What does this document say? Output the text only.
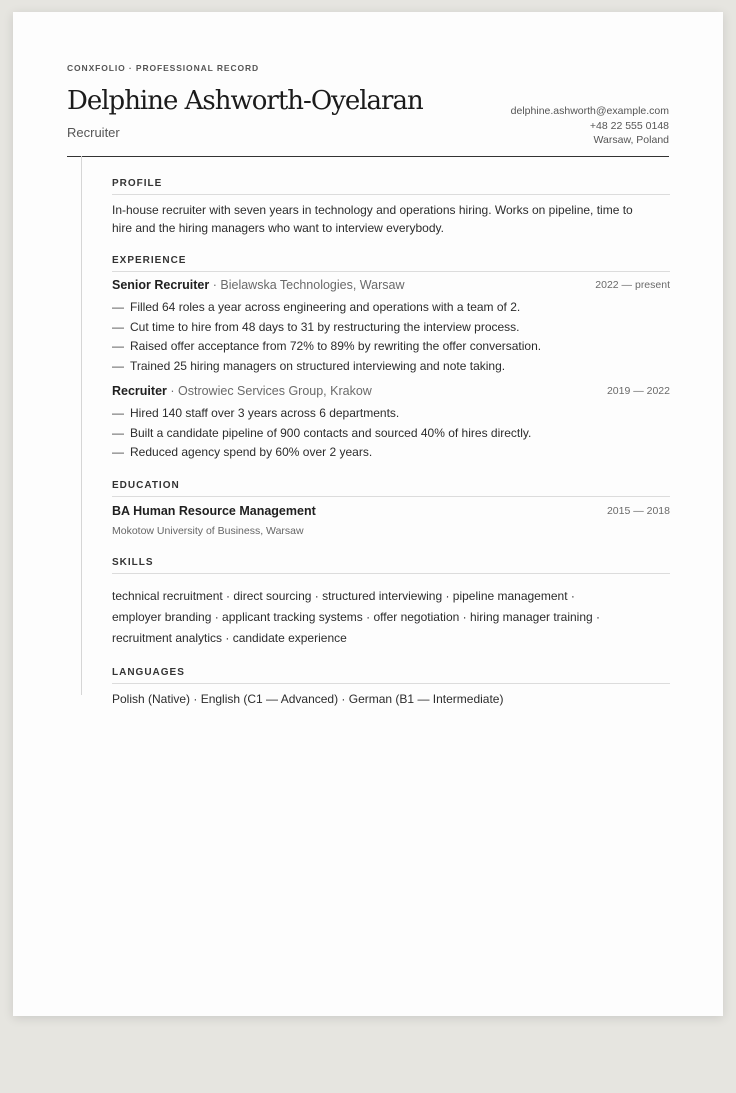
CONXFOLIO · PROFESSIONAL RECORD
Delphine Ashworth-Oyelaran
Recruiter
delphine.ashworth@example.com
+48 22 555 0148
Warsaw, Poland
PROFILE
In-house recruiter with seven years in technology and operations hiring. Works on pipeline, time to hire and the hiring managers who want to interview everybody.
EXPERIENCE
Senior Recruiter · Bielawska Technologies, Warsaw	2022 — present
— Filled 64 roles a year across engineering and operations with a team of 2.
— Cut time to hire from 48 days to 31 by restructuring the interview process.
— Raised offer acceptance from 72% to 89% by rewriting the offer conversation.
— Trained 25 hiring managers on structured interviewing and note taking.
Recruiter · Ostrowiec Services Group, Krakow	2019 — 2022
— Hired 140 staff over 3 years across 6 departments.
— Built a candidate pipeline of 900 contacts and sourced 40% of hires directly.
— Reduced agency spend by 60% over 2 years.
EDUCATION
BA Human Resource Management	2015 — 2018
Mokotow University of Business, Warsaw
SKILLS
technical recruitment · direct sourcing · structured interviewing · pipeline management ·
employer branding · applicant tracking systems · offer negotiation · hiring manager training ·
recruitment analytics · candidate experience
LANGUAGES
Polish (Native) · English (C1 — Advanced) · German (B1 — Intermediate)
